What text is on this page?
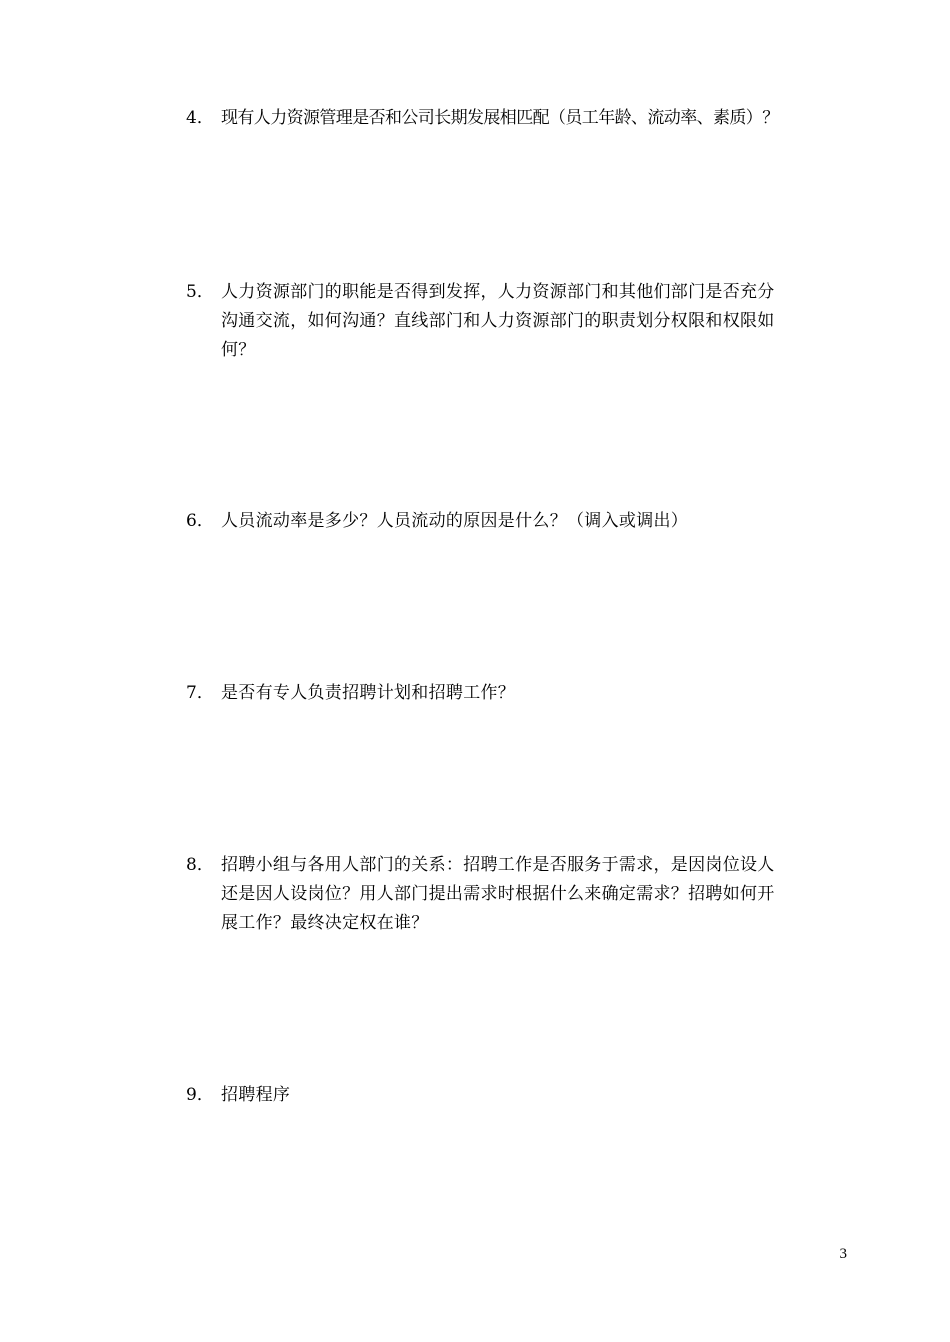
4． 现有人力资源管理是否和公司长期发展相匹配（员工年龄、流动率、素质）？
5． 人力资源部门的职能是否得到发挥，人力资源部门和其他们部门是否充分
沟通交流，如何沟通？直线部门和人力资源部门的职责划分权限和权限如
何？
6． 人员流动率是多少？人员流动的原因是什么？（调入或调出）
7． 是否有专人负责招聘计划和招聘工作？
8． 招聘小组与各用人部门的关系：招聘工作是否服务于需求，是因岗位设人
还是因人设岗位？用人部门提出需求时根据什么来确定需求？招聘如何开
展工作？最终决定权在谁？
9． 招聘程序
3
